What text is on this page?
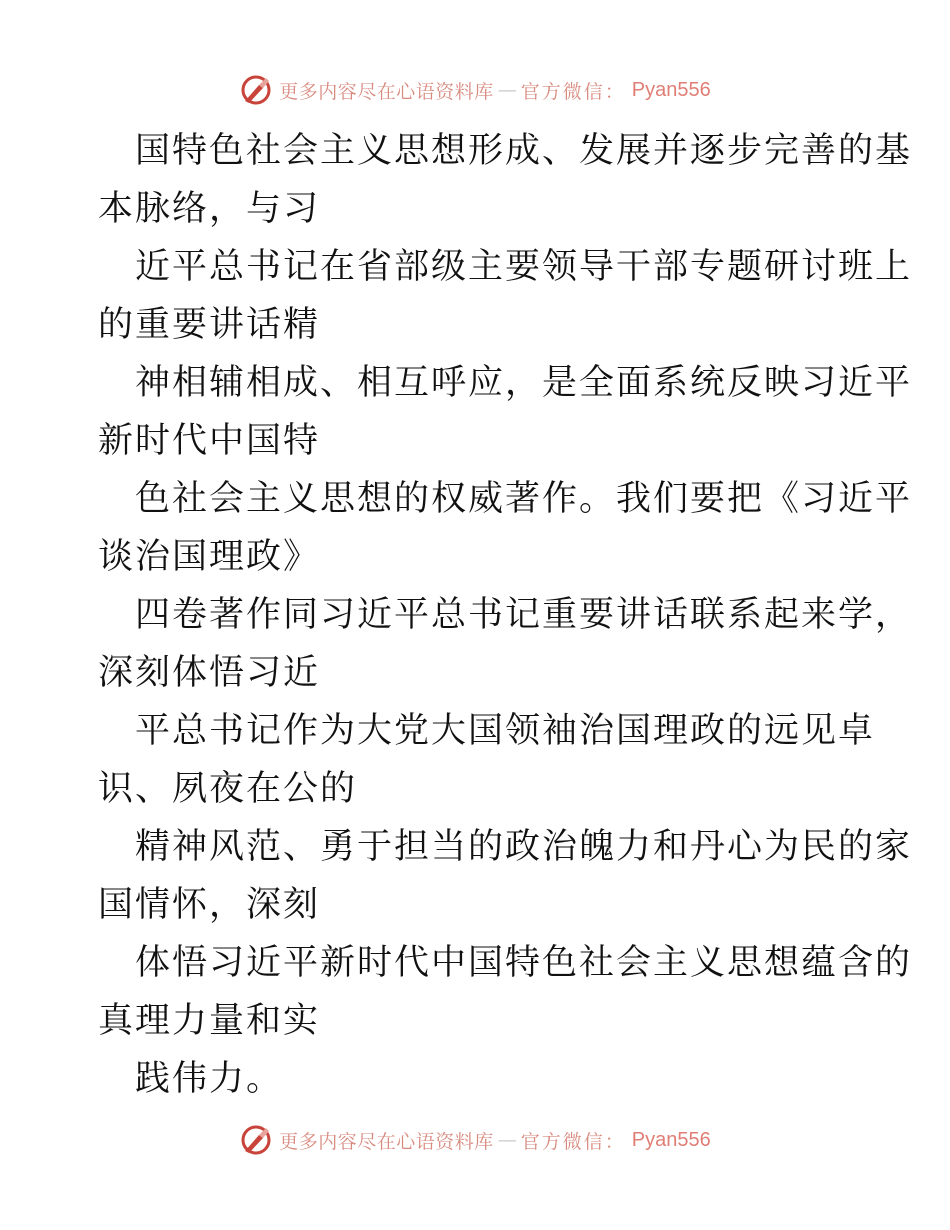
更多内容尽在心语资料库 — 官方微信： Pyan556
国特色社会主义思想形成、发展并逐步完善的基
本脉络，与习
近平总书记在省部级主要领导干部专题研讨班上
的重要讲话精
神相辅相成、相互呼应，是全面系统反映习近平
新时代中国特
色社会主义思想的权威著作。我们要把《习近平
谈治国理政》
四卷著作同习近平总书记重要讲话联系起来学，
深刻体悟习近
平总书记作为大党大国领袖治国理政的远见卓
识、夙夜在公的
精神风范、勇于担当的政治魄力和丹心为民的家
国情怀，深刻
体悟习近平新时代中国特色社会主义思想蕴含的
真理力量和实
践伟力。
更多内容尽在心语资料库 — 官方微信： Pyan556
